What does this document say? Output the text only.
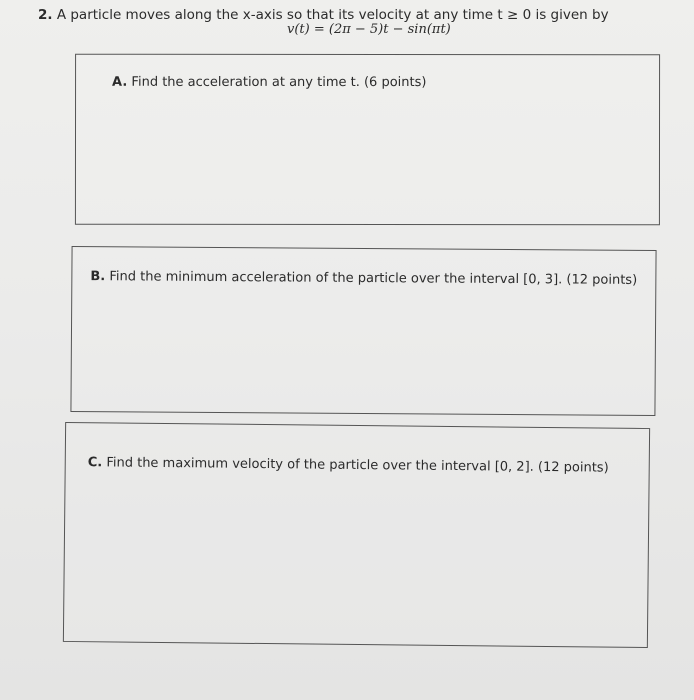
2. A particle moves along the x-axis so that its velocity at any time t ≥ 0 is given by
v(t) = (2π − 5)t − sin(πt)
A. Find the acceleration at any time t. (6 points)
B. Find the minimum acceleration of the particle over the interval [0, 3]. (12 points)
C. Find the maximum velocity of the particle over the interval [0, 2]. (12 points)
